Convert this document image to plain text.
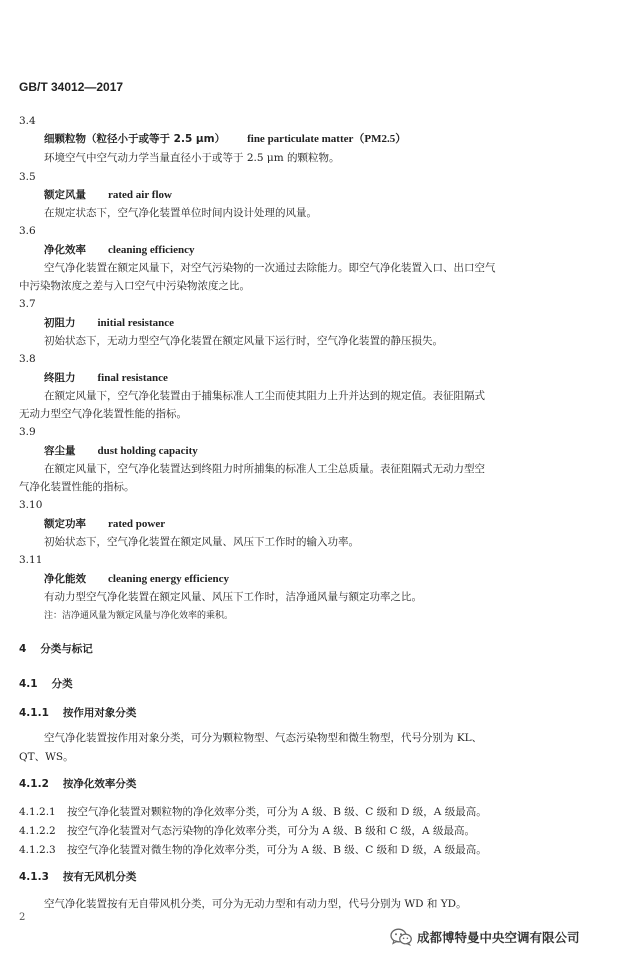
GB/T 34012—2017
3.4
细颗粒物（粒径小于或等于 2.5 μm） fine particulate matter（PM2.5）
环境空气中空气动力学当量直径小于或等于 2.5 μm 的颗粒物。
3.5
额定风量 rated air flow
在规定状态下，空气净化装置单位时间内设计处理的风量。
3.6
净化效率 cleaning efficiency
空气净化装置在额定风量下，对空气污染物的一次通过去除能力。即空气净化装置入口、出口空气
中污染物浓度之差与入口空气中污染物浓度之比。
3.7
初阻力 initial resistance
初始状态下，无动力型空气净化装置在额定风量下运行时，空气净化装置的静压损失。
3.8
终阻力 final resistance
在额定风量下，空气净化装置由于捕集标准人工尘而使其阻力上升并达到的规定值。表征阻隔式
无动力型空气净化装置性能的指标。
3.9
容尘量 dust holding capacity
在额定风量下，空气净化装置达到终阻力时所捕集的标准人工尘总质量。表征阻隔式无动力型空
气净化装置性能的指标。
3.10
额定功率 rated power
初始状态下，空气净化装置在额定风量、风压下工作时的输入功率。
3.11
净化能效 cleaning energy efficiency
有动力型空气净化装置在额定风量、风压下工作时，洁净通风量与额定功率之比。
注：洁净通风量为额定风量与净化效率的乘积。
4 分类与标记
4.1 分类
4.1.1 按作用对象分类
空气净化装置按作用对象分类，可分为颗粒物型、气态污染物型和微生物型，代号分别为 KL、
QT、WS。
4.1.2 按净化效率分类
4.1.2.1 按空气净化装置对颗粒物的净化效率分类，可分为 A 级、B 级、C 级和 D 级，A 级最高。
4.1.2.2 按空气净化装置对气态污染物的净化效率分类，可分为 A 级、B 级和 C 级，A 级最高。
4.1.2.3 按空气净化装置对微生物的净化效率分类，可分为 A 级、B 级、C 级和 D 级，A 级最高。
4.1.3 按有无风机分类
空气净化装置按有无自带风机分类，可分为无动力型和有动力型，代号分别为 WD 和 YD。
2
成都博特曼中央空调有限公司
